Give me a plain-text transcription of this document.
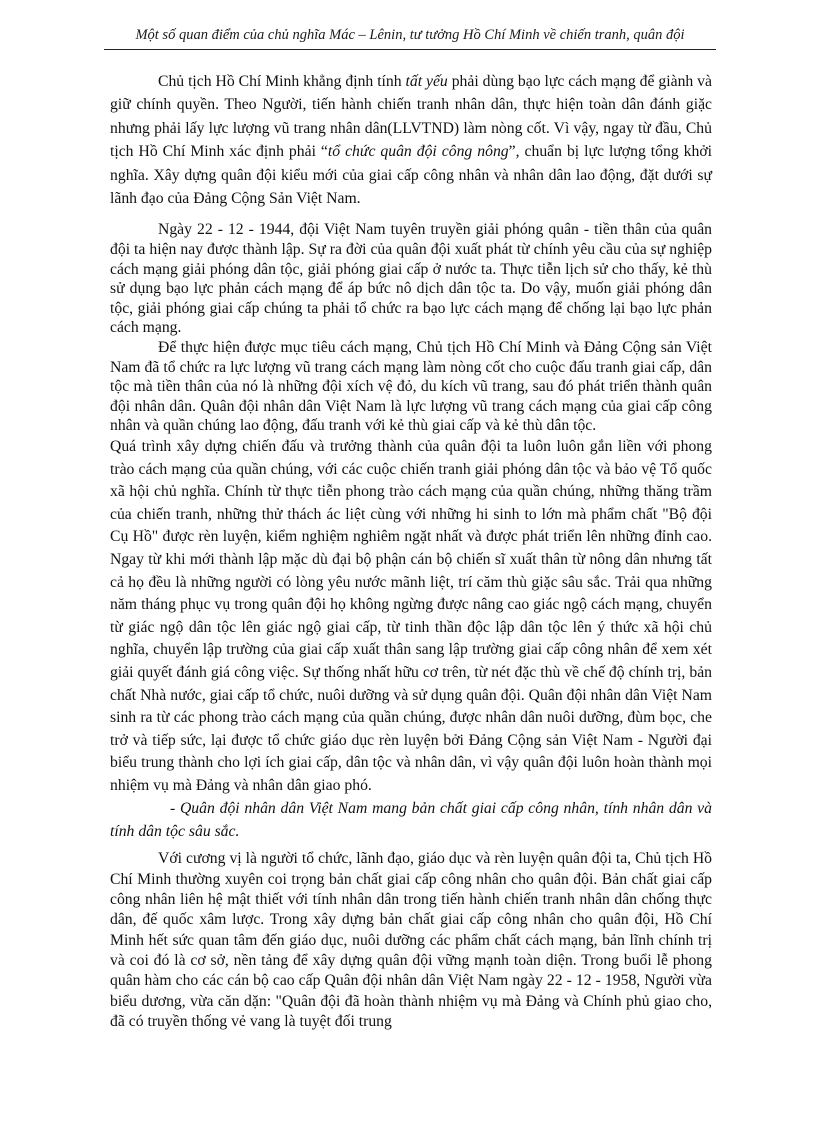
Một số quan điểm của chủ nghĩa Mác – Lênin, tư tưởng Hồ Chí Minh về chiến tranh, quân đội

Chủ tịch Hồ Chí Minh khẳng định tính tất yếu phải dùng bạo lực cách mạng để giành và giữ chính quyền. Theo Người, tiến hành chiến tranh nhân dân, thực hiện toàn dân đánh giặc nhưng phải lấy lực lượng vũ trang nhân dân(LLVTND) làm nòng cốt. Vì vậy, ngay từ đầu, Chủ tịch Hồ Chí Minh xác định phải “tổ chức quân đội công nông”, chuẩn bị lực lượng tổng khởi nghĩa. Xây dựng quân đội kiểu mới của giai cấp công nhân và nhân dân lao động, đặt dưới sự lãnh đạo của Đảng Cộng Sản Việt Nam.

Ngày 22 - 12 - 1944, đội Việt Nam tuyên truyền giải phóng quân - tiền thân của quân đội ta hiện nay được thành lập. Sự ra đời của quân đội xuất phát từ chính yêu cầu của sự nghiệp cách mạng giải phóng dân tộc, giải phóng giai cấp ở nước ta. Thực tiễn lịch sử cho thấy, kẻ thù sử dụng bạo lực phản cách mạng để áp bức nô dịch dân tộc ta. Do vậy, muốn giải phóng dân tộc, giải phóng giai cấp chúng ta phải tổ chức ra bạo lực cách mạng để chống lại bạo lực phản cách mạng.

Để thực hiện được mục tiêu cách mạng, Chủ tịch Hồ Chí Minh và Đảng Cộng sản Việt Nam đã tổ chức ra lực lượng vũ trang cách mạng làm nòng cốt cho cuộc đấu tranh giai cấp, dân tộc mà tiền thân của nó là những đội xích vệ đỏ, du kích vũ trang, sau đó phát triển thành quân đội nhân dân. Quân đội nhân dân Việt Nam là lực lượng vũ trang cách mạng của giai cấp công nhân và quần chúng lao động, đấu tranh với kẻ thù giai cấp và kẻ thù dân tộc.

Quá trình xây dựng chiến đấu và trưởng thành của quân đội ta luôn luôn gắn liền với phong trào cách mạng của quần chúng, với các cuộc chiến tranh giải phóng dân tộc và bảo vệ Tổ quốc xã hội chủ nghĩa. Chính từ thực tiễn phong trào cách mạng của quần chúng, những thăng trầm của chiến tranh, những thử thách ác liệt cùng với những hi sinh to lớn mà phẩm chất "Bộ đội Cụ Hồ" được rèn luyện, kiểm nghiệm nghiêm ngặt nhất và được phát triển lên những đỉnh cao. Ngay từ khi mới thành lập mặc dù đại bộ phận cán bộ chiến sĩ xuất thân từ nông dân nhưng tất cả họ đều là những người có lòng yêu nước mãnh liệt, trí căm thù giặc sâu sắc. Trải qua những năm tháng phục vụ trong quân đội họ không ngừng được nâng cao giác ngộ cách mạng, chuyển từ giác ngộ dân tộc lên giác ngộ giai cấp, từ tinh thần độc lập dân tộc lên ý thức xã hội chủ nghĩa, chuyển lập trường của giai cấp xuất thân sang lập trường giai cấp công nhân để xem xét giải quyết đánh giá công việc. Sự thống nhất hữu cơ trên, từ nét đặc thù về chế độ chính trị, bản chất Nhà nước, giai cấp tổ chức, nuôi dưỡng và sử dụng quân đội. Quân đội nhân dân Việt Nam sinh ra từ các phong trào cách mạng của quần chúng, được nhân dân nuôi dưỡng, đùm bọc, che trở và tiếp sức, lại được tổ chức giáo dục rèn luyện bởi Đảng Cộng sản Việt Nam - Người đại biểu trung thành cho lợi ích giai cấp, dân tộc và nhân dân, vì vậy quân đội luôn hoàn thành mọi nhiệm vụ mà Đảng và nhân dân giao phó.

- Quân đội nhân dân Việt Nam mang bản chất giai cấp công nhân, tính nhân dân và tính dân tộc sâu sắc.

Với cương vị là người tổ chức, lãnh đạo, giáo dục và rèn luyện quân đội ta, Chủ tịch Hồ Chí Minh thường xuyên coi trọng bản chất giai cấp công nhân cho quân đội. Bản chất giai cấp công nhân liên hệ mật thiết với tính nhân dân trong tiến hành chiến tranh nhân dân chống thực dân, đế quốc xâm lược. Trong xây dựng bản chất giai cấp công nhân cho quân đội, Hồ Chí Minh hết sức quan tâm đến giáo dục, nuôi dưỡng các phẩm chất cách mạng, bản lĩnh chính trị và coi đó là cơ sở, nền tảng để xây dựng quân đội vững mạnh toàn diện. Trong buổi lễ phong quân hàm cho các cán bộ cao cấp Quân đội nhân dân Việt Nam ngày 22 - 12 - 1958, Người vừa biểu dương, vừa căn dặn: "Quân đội đã hoàn thành nhiệm vụ mà Đảng và Chính phủ giao cho, đã có truyền thống vẻ vang là tuyệt đối trung
